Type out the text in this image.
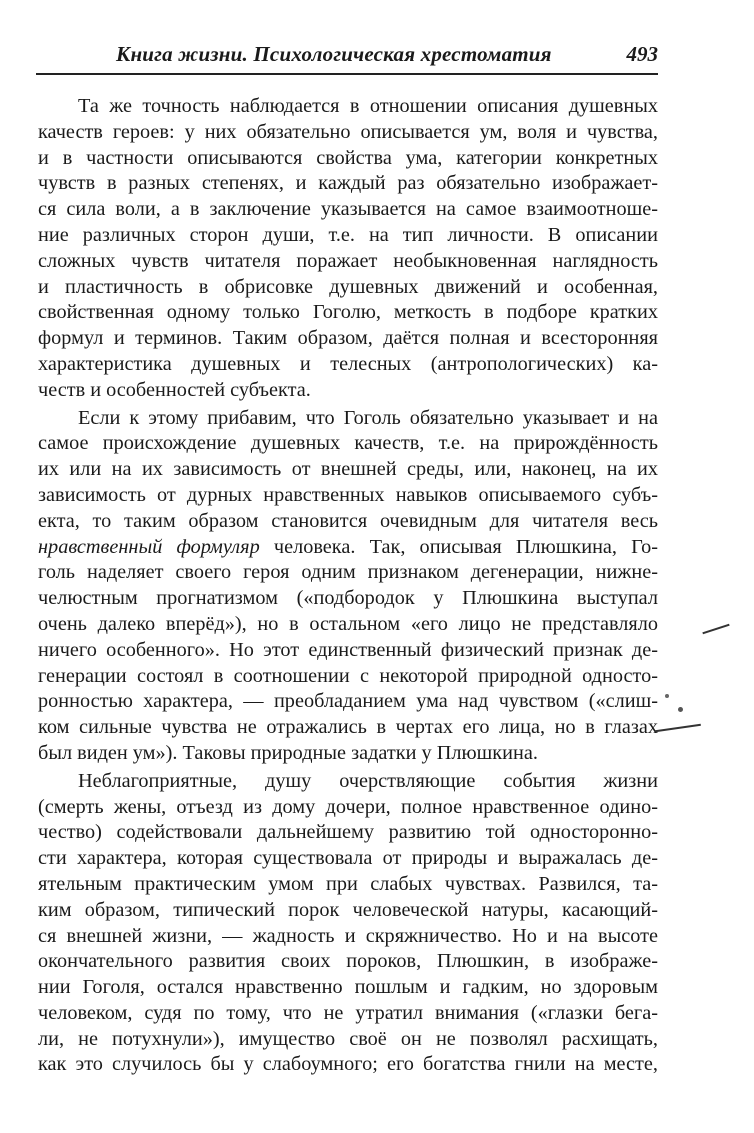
Книга жизни. Психологическая хрестоматия	493
Та же точность наблюдается в отношении описания душевных
качеств героев: у них обязательно описывается ум, воля и чувства,
и в частности описываются свойства ума, категории конкретных
чувств в разных степенях, и каждый раз обязательно изображает-
ся сила воли, а в заключение указывается на самое взаимоотноше-
ние различных сторон души, т.е. на тип личности. В описании
сложных чувств читателя поражает необыкновенная наглядность
и пластичность в обрисовке душевных движений и особенная,
свойственная одному только Гоголю, меткость в подборе кратких
формул и терминов. Таким образом, даётся полная и всесторонняя
характеристика душевных и телесных (антропологических) ка-
честв и особенностей субъекта.
Если к этому прибавим, что Гоголь обязательно указывает и на
самое происхождение душевных качеств, т.е. на прирождённость
их или на их зависимость от внешней среды, или, наконец, на их
зависимость от дурных нравственных навыков описываемого субъ-
екта, то таким образом становится очевидным для читателя весь
нравственный формуляр человека. Так, описывая Плюшкина, Го-
голь наделяет своего героя одним признаком дегенерации, нижне-
челюстным прогнатизмом («подбородок у Плюшкина выступал
очень далеко вперёд»), но в остальном «его лицо не представляло
ничего особенного». Но этот единственный физический признак де-
генерации состоял в соотношении с некоторой природной односто-
ронностью характера, — преобладанием ума над чувством («слиш-
ком сильные чувства не отражались в чертах его лица, но в глазах
был виден ум»). Таковы природные задатки у Плюшкина.
Неблагоприятные, душу очерствляющие события жизни
(смерть жены, отъезд из дому дочери, полное нравственное одино-
чество) содействовали дальнейшему развитию той односторонно-
сти характера, которая существовала от природы и выражалась де-
ятельным практическим умом при слабых чувствах. Развился, та-
ким образом, типический порок человеческой натуры, касающий-
ся внешней жизни, — жадность и скряжничество. Но и на высоте
окончательного развития своих пороков, Плюшкин, в изображе-
нии Гоголя, остался нравственно пошлым и гадким, но здоровым
человеком, судя по тому, что не утратил внимания («глазки бега-
ли, не потухнули»), имущество своё он не позволял расхищать,
как это случилось бы у слабоумного; его богатства гнили на месте,
